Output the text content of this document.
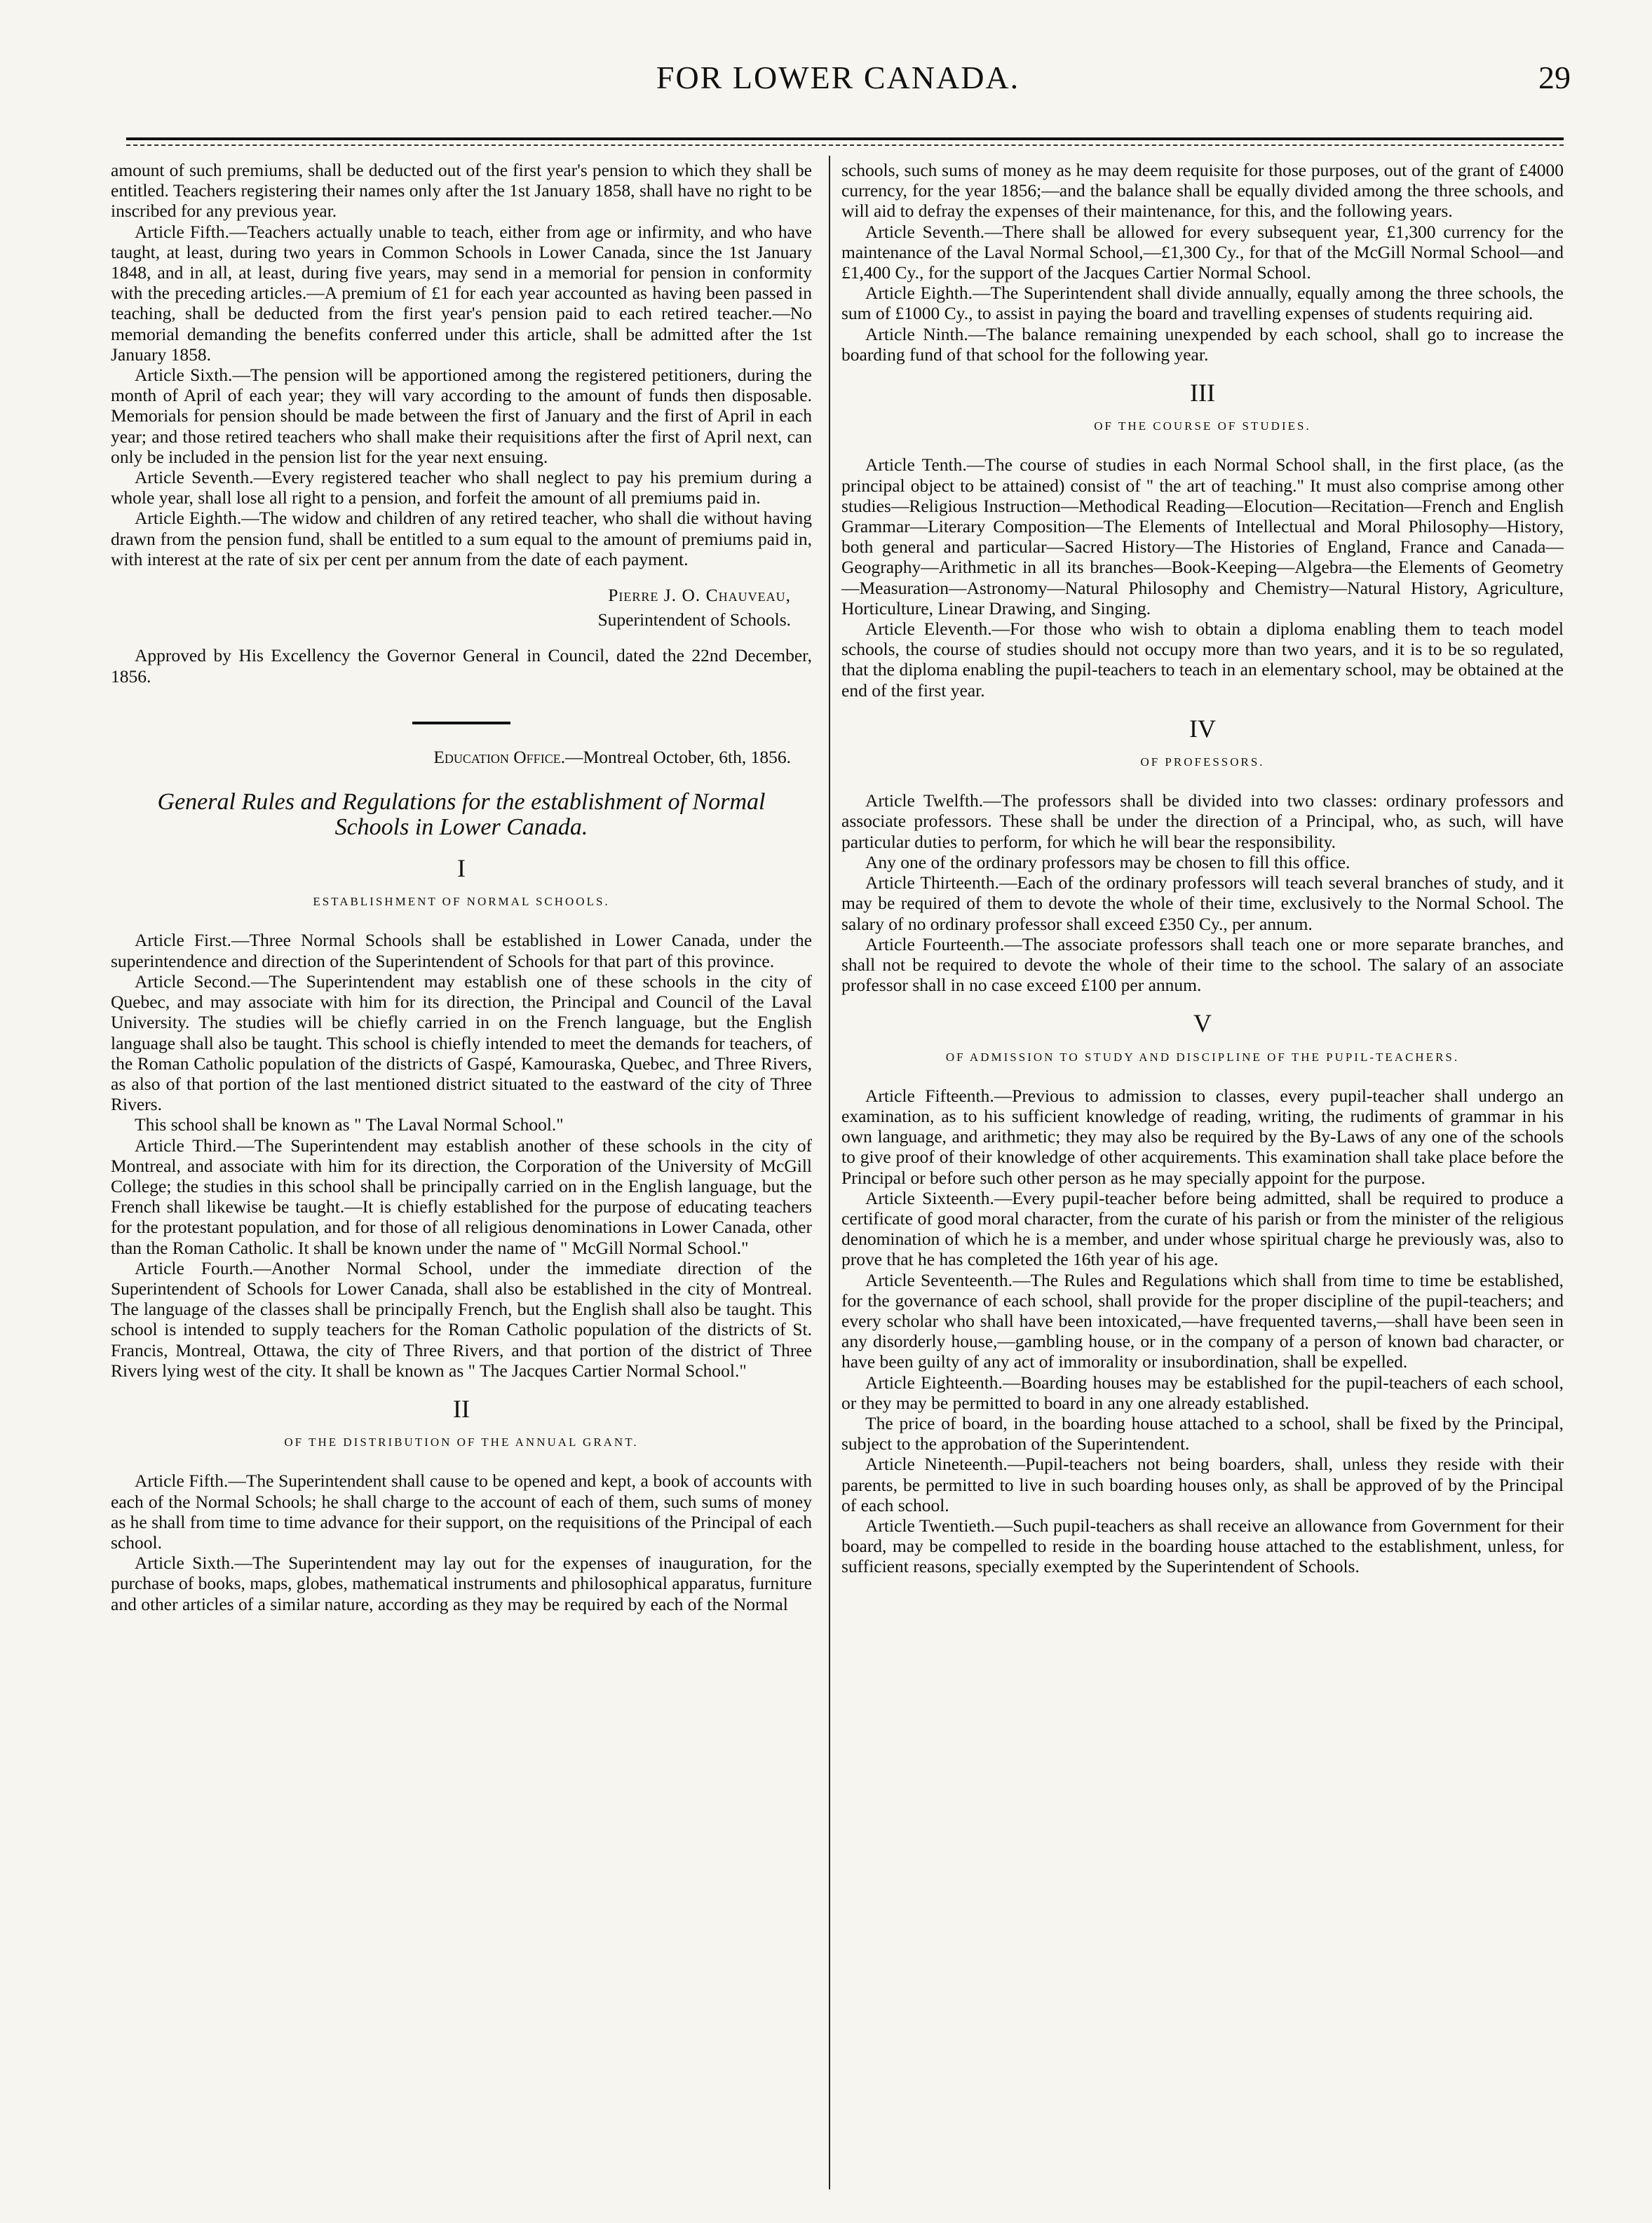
FOR LOWER CANADA.	29

amount of such premiums, shall be deducted out of the first year's pension to which they shall be entitled. Teachers registering their names only after the 1st January 1858, shall have no right to be inscribed for any previous year.

Article Fifth.—Teachers actually unable to teach, either from age or infirmity, and who have taught, at least, during two years in Common Schools in Lower Canada, since the 1st January 1848, and in all, at least, during five years, may send in a memorial for pension in conformity with the preceding articles.—A premium of £1 for each year accounted as having been passed in teaching, shall be deducted from the first year's pension paid to each retired teacher.—No memorial demanding the benefits conferred under this article, shall be admitted after the 1st January 1858.

Article Sixth.—The pension will be apportioned among the registered petitioners, during the month of April of each year; they will vary according to the amount of funds then disposable. Memorials for pension should be made between the first of January and the first of April in each year; and those retired teachers who shall make their requisitions after the first of April next, can only be included in the pension list for the year next ensuing.

Article Seventh.—Every registered teacher who shall neglect to pay his premium during a whole year, shall lose all right to a pension, and forfeit the amount of all premiums paid in.

Article Eighth.—The widow and children of any retired teacher, who shall die without having drawn from the pension fund, shall be entitled to a sum equal to the amount of premiums paid in, with interest at the rate of six per cent per annum from the date of each payment.

Pierre J. O. Chauveau,
Superintendent of Schools.

Approved by His Excellency the Governor General in Council, dated the 22nd December, 1856.

Education Office.—Montreal October, 6th, 1856.
General Rules and Regulations for the establishment of Normal Schools in Lower Canada.
I
ESTABLISHMENT OF NORMAL SCHOOLS.

Article First.—Three Normal Schools shall be established in Lower Canada, under the superintendence and direction of the Superintendent of Schools for that part of this province.

Article Second.—The Superintendent may establish one of these schools in the city of Quebec, and may associate with him for its direction, the Principal and Council of the Laval University. The studies will be chiefly carried in on the French language, but the English language shall also be taught. This school is chiefly intended to meet the demands for teachers, of the Roman Catholic population of the districts of Gaspé, Kamouraska, Quebec, and Three Rivers, as also of that portion of the last mentioned district situated to the eastward of the city of Three Rivers.

This school shall be known as " The Laval Normal School."

Article Third.—The Superintendent may establish another of these schools in the city of Montreal, and associate with him for its direction, the Corporation of the University of McGill College; the studies in this school shall be principally carried on in the English language, but the French shall likewise be taught.—It is chiefly established for the purpose of educating teachers for the protestant population, and for those of all religious denominations in Lower Canada, other than the Roman Catholic. It shall be known under the name of " McGill Normal School."

Article Fourth.—Another Normal School, under the immediate direction of the Superintendent of Schools for Lower Canada, shall also be established in the city of Montreal. The language of the classes shall be principally French, but the English shall also be taught. This school is intended to supply teachers for the Roman Catholic population of the districts of St. Francis, Montreal, Ottawa, the city of Three Rivers, and that portion of the district of Three Rivers lying west of the city. It shall be known as " The Jacques Cartier Normal School."

II
OF THE DISTRIBUTION OF THE ANNUAL GRANT.

Article Fifth.—The Superintendent shall cause to be opened and kept, a book of accounts with each of the Normal Schools; he shall charge to the account of each of them, such sums of money as he shall from time to time advance for their support, on the requisitions of the Principal of each school.

Article Sixth.—The Superintendent may lay out for the expenses of inauguration, for the purchase of books, maps, globes, mathematical instruments and philosophical apparatus, furniture and other articles of a similar nature, according as they may be required by each of the Normal

schools, such sums of money as he may deem requisite for those purposes, out of the grant of £4000 currency, for the year 1856;—and the balance shall be equally divided among the three schools, and will aid to defray the expenses of their maintenance, for this, and the following years.

Article Seventh.—There shall be allowed for every subsequent year, £1,300 currency for the maintenance of the Laval Normal School,—£1,300 Cy., for that of the McGill Normal School—and £1,400 Cy., for the support of the Jacques Cartier Normal School.

Article Eighth.—The Superintendent shall divide annually, equally among the three schools, the sum of £1000 Cy., to assist in paying the board and travelling expenses of students requiring aid.

Article Ninth.—The balance remaining unexpended by each school, shall go to increase the boarding fund of that school for the following year.

III
OF THE COURSE OF STUDIES.

Article Tenth.—The course of studies in each Normal School shall, in the first place, (as the principal object to be attained) consist of " the art of teaching." It must also comprise among other studies—Religious Instruction—Methodical Reading—Elocution—Recitation—French and English Grammar—Literary Composition—The Elements of Intellectual and Moral Philosophy—History, both general and particular—Sacred History—The Histories of England, France and Canada—Geography—Arithmetic in all its branches—Book-Keeping—Algebra—the Elements of Geometry—Measuration—Astronomy—Natural Philosophy and Chemistry—Natural History, Agriculture, Horticulture, Linear Drawing, and Singing.

Article Eleventh.—For those who wish to obtain a diploma enabling them to teach model schools, the course of studies should not occupy more than two years, and it is to be so regulated, that the diploma enabling the pupil-teachers to teach in an elementary school, may be obtained at the end of the first year.

IV
OF PROFESSORS.

Article Twelfth.—The professors shall be divided into two classes: ordinary professors and associate professors. These shall be under the direction of a Principal, who, as such, will have particular duties to perform, for which he will bear the responsibility.

Any one of the ordinary professors may be chosen to fill this office.

Article Thirteenth.—Each of the ordinary professors will teach several branches of study, and it may be required of them to devote the whole of their time, exclusively to the Normal School. The salary of no ordinary professor shall exceed £350 Cy., per annum.

Article Fourteenth.—The associate professors shall teach one or more separate branches, and shall not be required to devote the whole of their time to the school. The salary of an associate professor shall in no case exceed £100 per annum.

V
OF ADMISSION TO STUDY AND DISCIPLINE OF THE PUPIL-TEACHERS.

Article Fifteenth.—Previous to admission to classes, every pupil-teacher shall undergo an examination, as to his sufficient knowledge of reading, writing, the rudiments of grammar in his own language, and arithmetic; they may also be required by the By-Laws of any one of the schools to give proof of their knowledge of other acquirements. This examination shall take place before the Principal or before such other person as he may specially appoint for the purpose.

Article Sixteenth.—Every pupil-teacher before being admitted, shall be required to produce a certificate of good moral character, from the curate of his parish or from the minister of the religious denomination of which he is a member, and under whose spiritual charge he previously was, also to prove that he has completed the 16th year of his age.

Article Seventeenth.—The Rules and Regulations which shall from time to time be established, for the governance of each school, shall provide for the proper discipline of the pupil-teachers; and every scholar who shall have been intoxicated,—have frequented taverns,—shall have been seen in any disorderly house,—gambling house, or in the company of a person of known bad character, or have been guilty of any act of immorality or insubordination, shall be expelled.

Article Eighteenth.—Boarding houses may be established for the pupil-teachers of each school, or they may be permitted to board in any one already established.

The price of board, in the boarding house attached to a school, shall be fixed by the Principal, subject to the approbation of the Superintendent.

Article Nineteenth.—Pupil-teachers not being boarders, shall, unless they reside with their parents, be permitted to live in such boarding houses only, as shall be approved of by the Principal of each school.

Article Twentieth.—Such pupil-teachers as shall receive an allowance from Government for their board, may be compelled to reside in the boarding house attached to the establishment, unless, for sufficient reasons, specially exempted by the Superintendent of Schools.
